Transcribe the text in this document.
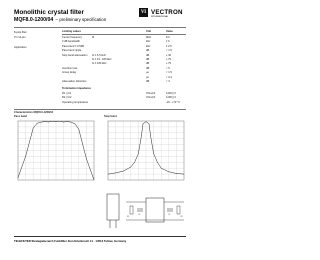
Monolithic crystal filter
MQF8.0-1200/04  – preliminary specification
VI VECTRON
INTERNATIONAL
8-pole filter
TO 14-pin
Application
Limiting values	Unit	Value
Center frequency	f0	MHz	8.0
3 dB bandwidth	kHz	± 6
Pass band ± 0.5dB	kHz	± 2.5
Pass band ripple	dB	< 1.5
Stop band attenuation fo ± 6.5 kHz	dB	≥ 40
fo ± 15...180 kHz	dB	≥ 70
fo ± 180 kHz	dB	≥ 75
Insertion loss	dB	< 5
Group delay	µs	< 1.5
µs	< 0.4
Attenuation distortion	dB	< 3
Termination impedance
R1 || C1	Ohm/pF	1200 || 0
R2 || C2	Ohm/pF	1200 || 0
Operating temperature	-20...+70 °C
Characteristics MQF8.0-1200/04
Pass band	Stop band
R1
C1
R2
C2
TELEFILTER Strategiebereich Funkfilter Zum Erlenbruch 11 · 14513 Teltow, Germany
